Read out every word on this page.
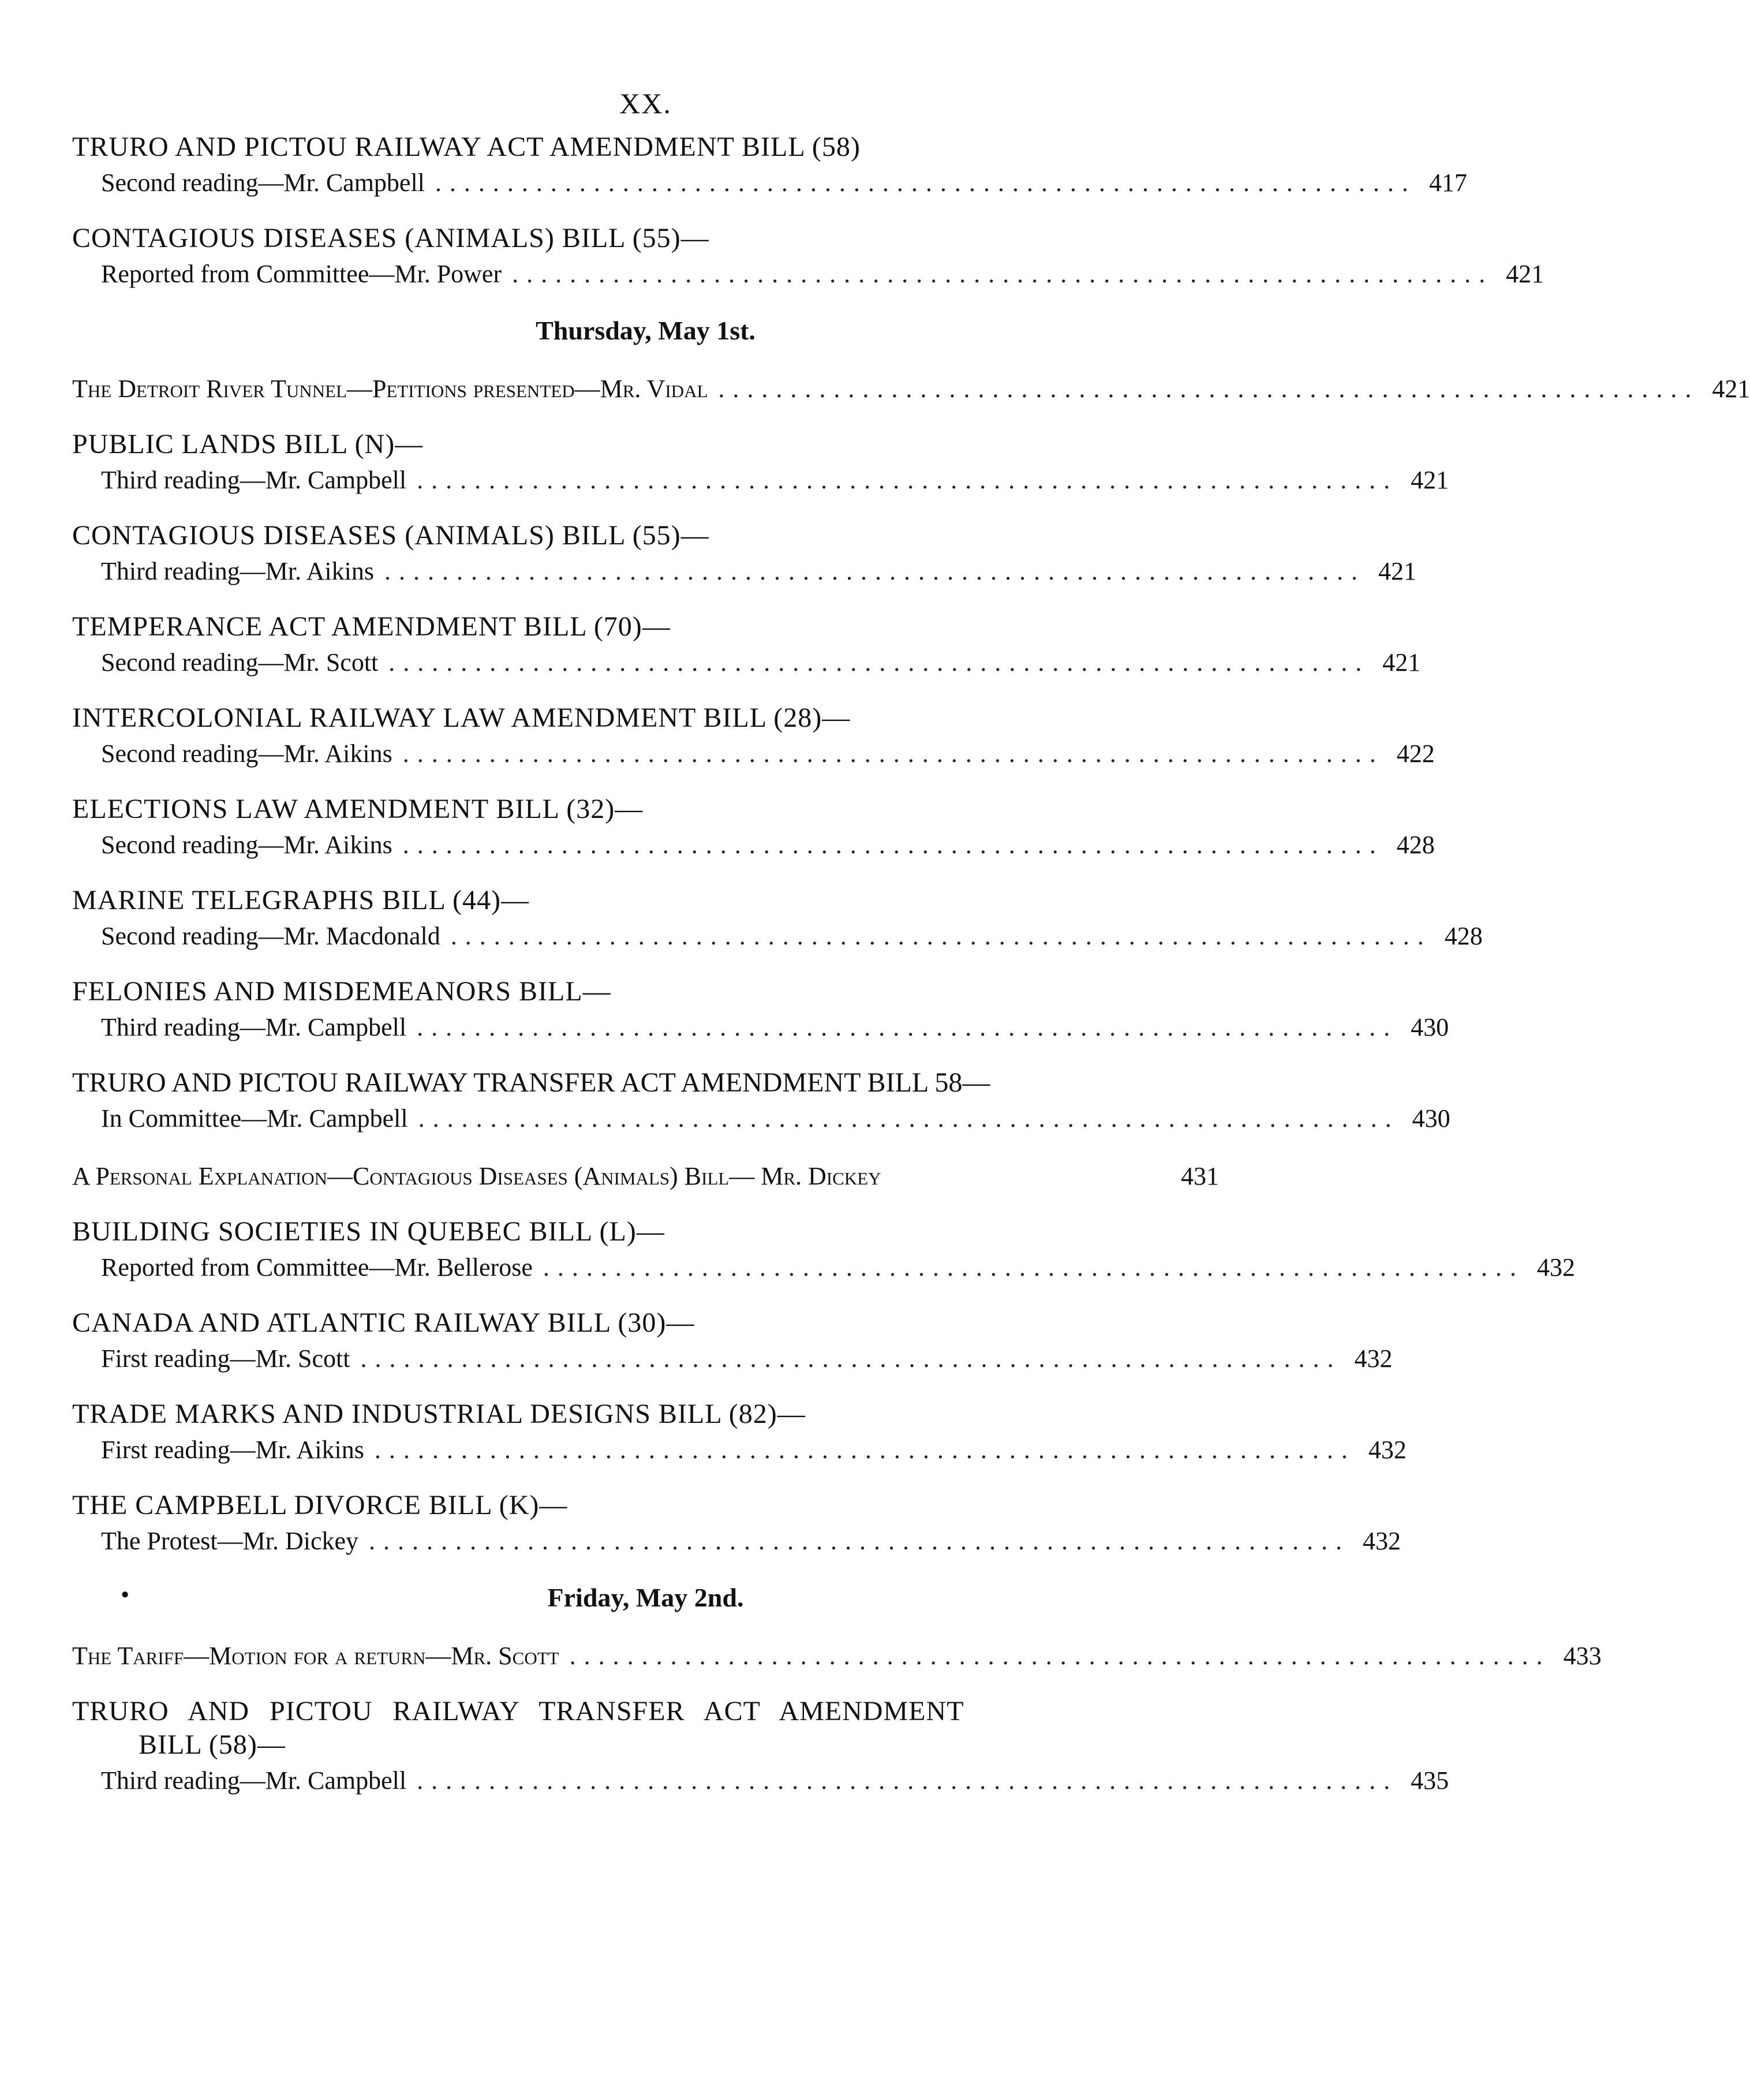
XX.
TRURO AND PICTOU RAILWAY ACT AMENDMENT BILL (58)
Second reading—Mr. Campbell .................................................................... 417
CONTAGIOUS DISEASES (ANIMALS) BILL (55)—
Reported from Committee—Mr. Power .................................................................... 421
Thursday, May 1st.
The Detroit River Tunnel—Petitions presented—Mr. Vidal .................................................................... 421
PUBLIC LANDS BILL (N)—
Third reading—Mr. Campbell .................................................................... 421
CONTAGIOUS DISEASES (ANIMALS) BILL (55)—
Third reading—Mr. Aikins .................................................................... 421
TEMPERANCE ACT AMENDMENT BILL (70)—
Second reading—Mr. Scott .................................................................... 421
INTERCOLONIAL RAILWAY LAW AMENDMENT BILL (28)—
Second reading—Mr. Aikins .................................................................... 422
ELECTIONS LAW AMENDMENT BILL (32)—
Second reading—Mr. Aikins .................................................................... 428
MARINE TELEGRAPHS BILL (44)—
Second reading—Mr. Macdonald .................................................................... 428
FELONIES AND MISDEMEANORS BILL—
Third reading—Mr. Campbell .................................................................... 430
TRURO AND PICTOU RAILWAY TRANSFER ACT AMENDMENT BILL 58—
In Committee—Mr. Campbell .................................................................... 430
A Personal Explanation—Contagious Diseases (Animals) Bill— Mr. Dickey	431
BUILDING SOCIETIES IN QUEBEC BILL (L)—
Reported from Committee—Mr. Bellerose .................................................................... 432
CANADA AND ATLANTIC RAILWAY BILL (30)—
First reading—Mr. Scott .................................................................... 432
TRADE MARKS AND INDUSTRIAL DESIGNS BILL (82)—
First reading—Mr. Aikins .................................................................... 432
THE CAMPBELL DIVORCE BILL (K)—
The Protest—Mr. Dickey .................................................................... 432
•	Friday, May 2nd.
The Tariff—Motion for a return—Mr. Scott .................................................................... 433
TRURO AND PICTOU RAILWAY TRANSFER ACT AMENDMENT
BILL (58)—
Third reading—Mr. Campbell .................................................................... 435
